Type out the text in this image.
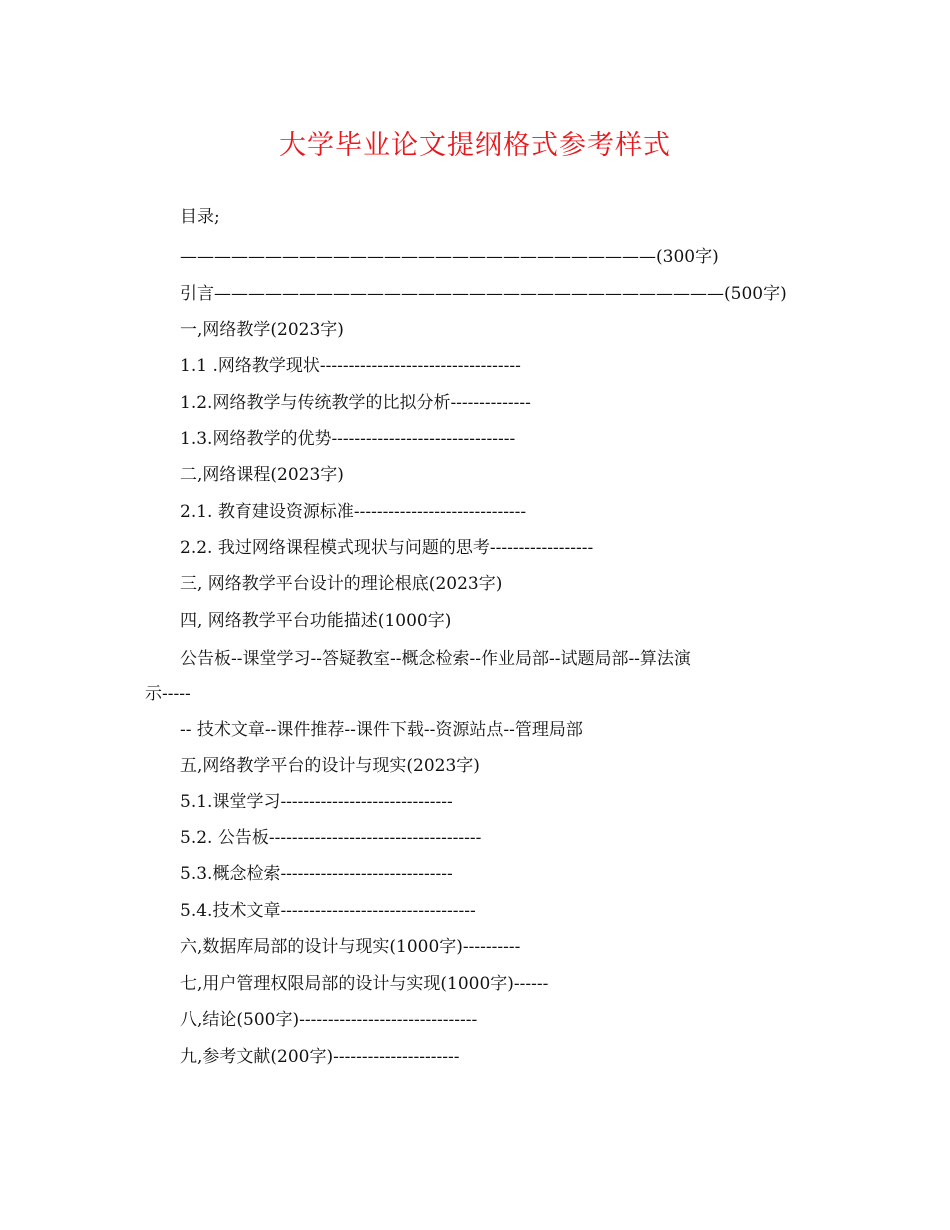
大学毕业论文提纲格式参考样式
目录;
————————————————————————————(300字)
引言——————————————————————————————(500字)
一,网络教学(2023字)
1.1 .网络教学现状-----------------------------------
1.2.网络教学与传统教学的比拟分析--------------
1.3.网络教学的优势--------------------------------
二,网络课程(2023字)
2.1. 教育建设资源标准------------------------------
2.2. 我过网络课程模式现状与问题的思考------------------
三, 网络教学平台设计的理论根底(2023字)
四, 网络教学平台功能描述(1000字)
公告板--课堂学习--答疑教室--概念检索--作业局部--试题局部--算法演
示-----
-- 技术文章--课件推荐--课件下载--资源站点--管理局部
五,网络教学平台的设计与现实(2023字)
5.1.课堂学习------------------------------
5.2. 公告板-------------------------------------
5.3.概念检索------------------------------
5.4.技术文章----------------------------------
六,数据库局部的设计与现实(1000字)----------
七,用户管理权限局部的设计与实现(1000字)------
八,结论(500字)-------------------------------
九,参考文献(200字)----------------------
